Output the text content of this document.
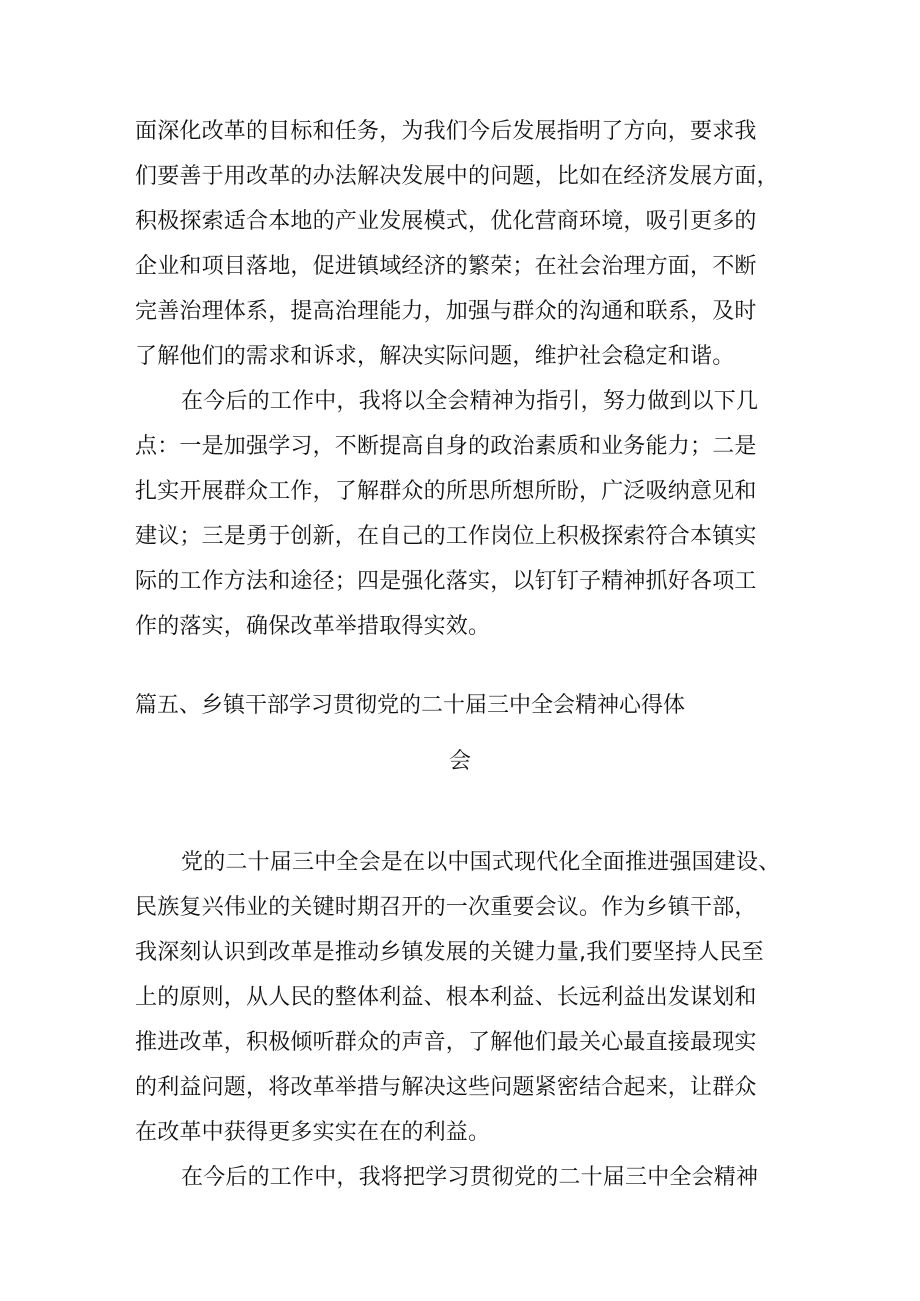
面深化改革的目标和任务，为我们今后发展指明了方向，要求我
们要善于用改革的办法解决发展中的问题，比如在经济发展方面，
积极探索适合本地的产业发展模式，优化营商环境，吸引更多的
企业和项目落地，促进镇域经济的繁荣；在社会治理方面，不断
完善治理体系，提高治理能力，加强与群众的沟通和联系，及时
了解他们的需求和诉求，解决实际问题，维护社会稳定和谐。
在今后的工作中，我将以全会精神为指引，努力做到以下几
点：一是加强学习，不断提高自身的政治素质和业务能力；二是
扎实开展群众工作，了解群众的所思所想所盼，广泛吸纳意见和
建议；三是勇于创新，在自己的工作岗位上积极探索符合本镇实
际的工作方法和途径；四是强化落实，以钉钉子精神抓好各项工
作的落实，确保改革举措取得实效。
篇五、乡镇干部学习贯彻党的二十届三中全会精神心得体
会
党的二十届三中全会是在以中国式现代化全面推进强国建设、
民族复兴伟业的关键时期召开的一次重要会议。作为乡镇干部，
我深刻认识到改革是推动乡镇发展的关键力量,我们要坚持人民至
上的原则，从人民的整体利益、根本利益、长远利益出发谋划和
推进改革，积极倾听群众的声音，了解他们最关心最直接最现实
的利益问题，将改革举措与解决这些问题紧密结合起来，让群众
在改革中获得更多实实在在的利益。
在今后的工作中，我将把学习贯彻党的二十届三中全会精神
